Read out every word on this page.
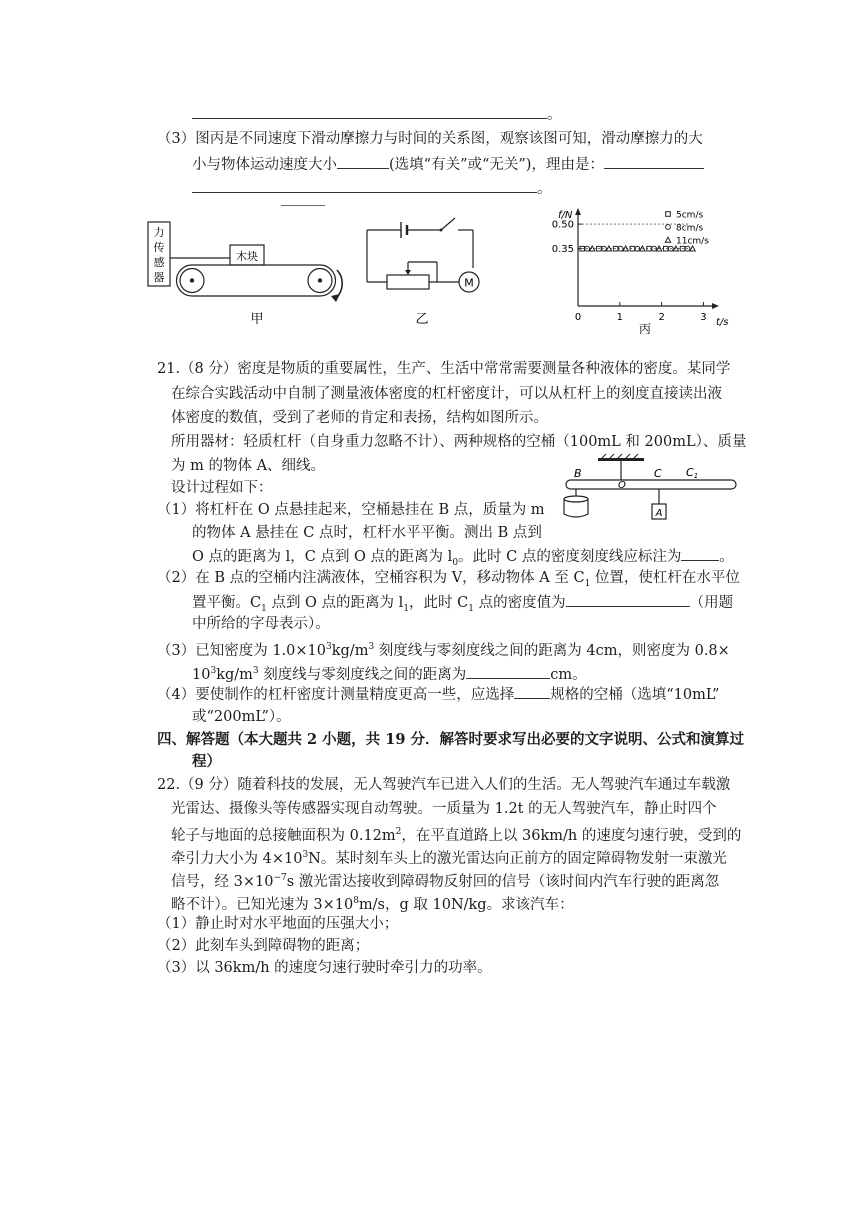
。
（3）图丙是不同速度下滑动摩擦力与时间的关系图，观察该图可知，滑动摩擦力的大
小与物体运动速度大小	(选填“有关”或“无关”)，理由是：
。
力
传
感
器
木块
甲
M
乙
f/N
t/s
丙
0.35
0.50
0	1	2	3
5cm/s
8cm/s
11cm/s
21.（8 分）密度是物质的重要属性，生产、生活中常常需要测量各种液体的密度。某同学
在综合实践活动中自制了测量液体密度的杠杆密度计，可以从杠杆上的刻度直接读出液
体密度的数值，受到了老师的肯定和表扬，结构如图所示。
所用器材：轻质杠杆（自身重力忽略不计）、两种规格的空桶（100mL 和 200mL）、质量
为 m 的物体 A、细线。
设计过程如下：
（1）将杠杆在 O 点悬挂起来，空桶悬挂在 B 点，质量为 m
的物体 A 悬挂在 C 点时，杠杆水平平衡。测出 B 点到
O 点的距离为 l，C 点到 O 点的距离为 $l_0$。此时 C 点的密度刻度线应标注为	。
B
O
C C1
A
（2）在 B 点的空桶内注满液体，空桶容积为 V，移动物体 A 至 $C_1$ 位置，使杠杆在水平位
置平衡。$C_1$ 点到 O 点的距离为 $l_1$，此时 $C_1$ 点的密度值为	（用题
中所给的字母表示）。
（3）已知密度为 $1.0\times 10^3kg/m^3$ 刻度线与零刻度线之间的距离为 4cm，则密度为 0.8×
$10^3kg/m^3$ 刻度线与零刻度线之间的距离为	cm。
（4）要使制作的杠杆密度计测量精度更高一些，应选择 规格的空桶（选填“10mL”
或“200mL”）。
四、解答题（本大题共 2 小题，共 19 分．解答时要求写出必要的文字说明、公式和演算过
程）
22.（9 分）随着科技的发展，无人驾驶汽车已进入人们的生活。无人驾驶汽车通过车载激
光雷达、摄像头等传感器实现自动驾驶。一质量为 1.2t 的无人驾驶汽车，静止时四个
轮子与地面的总接触面积为 $0.12m^2$，在平直道路上以 36km/h 的速度匀速行驶，受到的
牵引力大小为 $4\times 10^3N$。某时刻车头上的激光雷达向正前方的固定障碍物发射一束激光
信号，经 $3\times 10^{-7}s$ 激光雷达接收到障碍物反射回的信号（该时间内汽车行驶的距离忽
略不计）。已知光速为 $3\times 10^8m/s$，g 取 10N/kg。求该汽车：
（1）静止时对水平地面的压强大小；
（2）此刻车头到障碍物的距离；
（3）以 36km/h 的速度匀速行驶时牵引力的功率。
